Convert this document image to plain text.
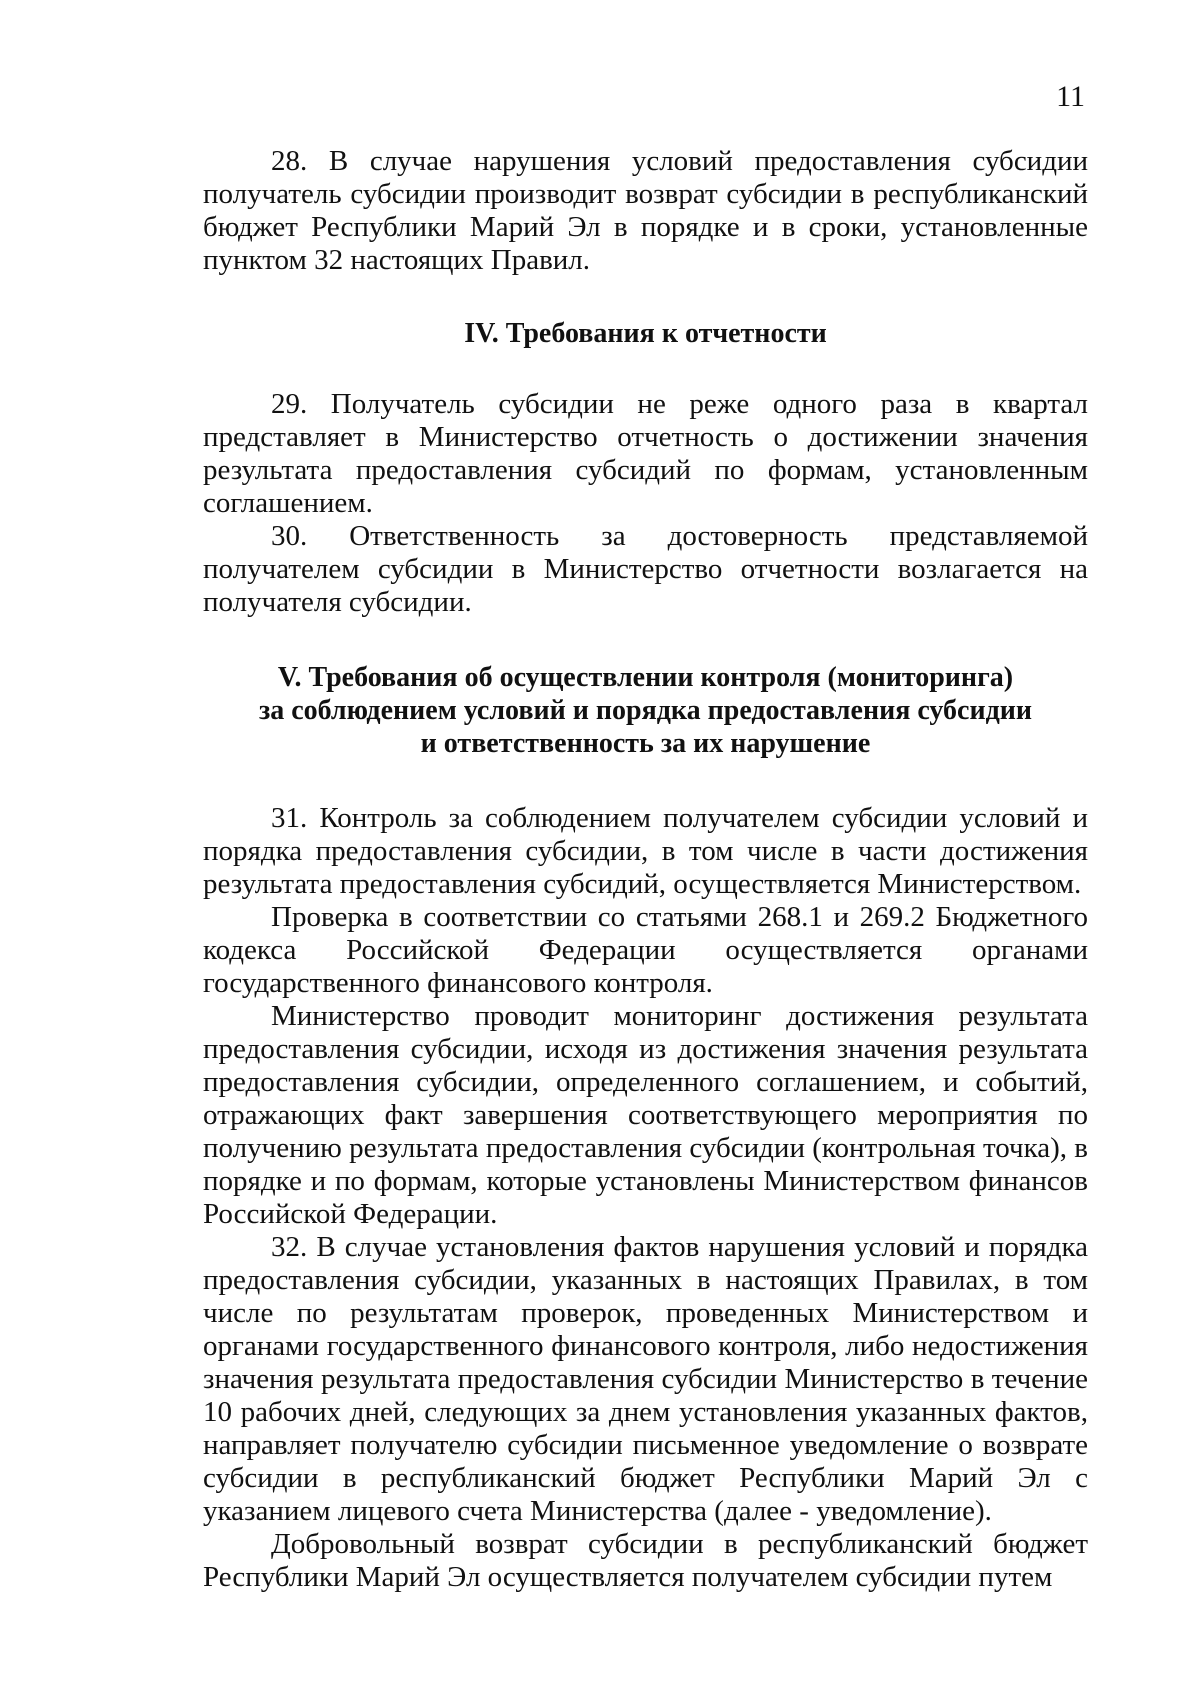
11

28. В случае нарушения условий предоставления субсидии получатель субсидии производит возврат субсидии в республиканский бюджет Республики Марий Эл в порядке и в сроки, установленные пунктом 32 настоящих Правил.

IV. Требования к отчетности

29. Получатель субсидии не реже одного раза в квартал представляет в Министерство отчетность о достижении значения результата предоставления субсидий по формам, установленным соглашением.

30. Ответственность за достоверность представляемой получателем субсидии в Министерство отчетности возлагается на получателя субсидии.

V. Требования об осуществлении контроля (мониторинга)
за соблюдением условий и порядка предоставления субсидии
и ответственность за их нарушение

31. Контроль за соблюдением получателем субсидии условий и порядка предоставления субсидии, в том числе в части достижения результата предоставления субсидий, осуществляется Министерством.

Проверка в соответствии со статьями 268.1 и 269.2 Бюджетного кодекса Российской Федерации осуществляется органами государственного финансового контроля.

Министерство проводит мониторинг достижения результата предоставления субсидии, исходя из достижения значения результата предоставления субсидии, определенного соглашением, и событий, отражающих факт завершения соответствующего мероприятия по получению результата предоставления субсидии (контрольная точка), в порядке и по формам, которые установлены Министерством финансов Российской Федерации.

32. В случае установления фактов нарушения условий и порядка предоставления субсидии, указанных в настоящих Правилах, в том числе по результатам проверок, проведенных Министерством и органами государственного финансового контроля, либо недостижения значения результата предоставления субсидии Министерство в течение 10 рабочих дней, следующих за днем установления указанных фактов, направляет получателю субсидии письменное уведомление о возврате субсидии в республиканский бюджет Республики Марий Эл с указанием лицевого счета Министерства (далее - уведомление).

Добровольный возврат субсидии в республиканский бюджет Республики Марий Эл осуществляется получателем субсидии путем
